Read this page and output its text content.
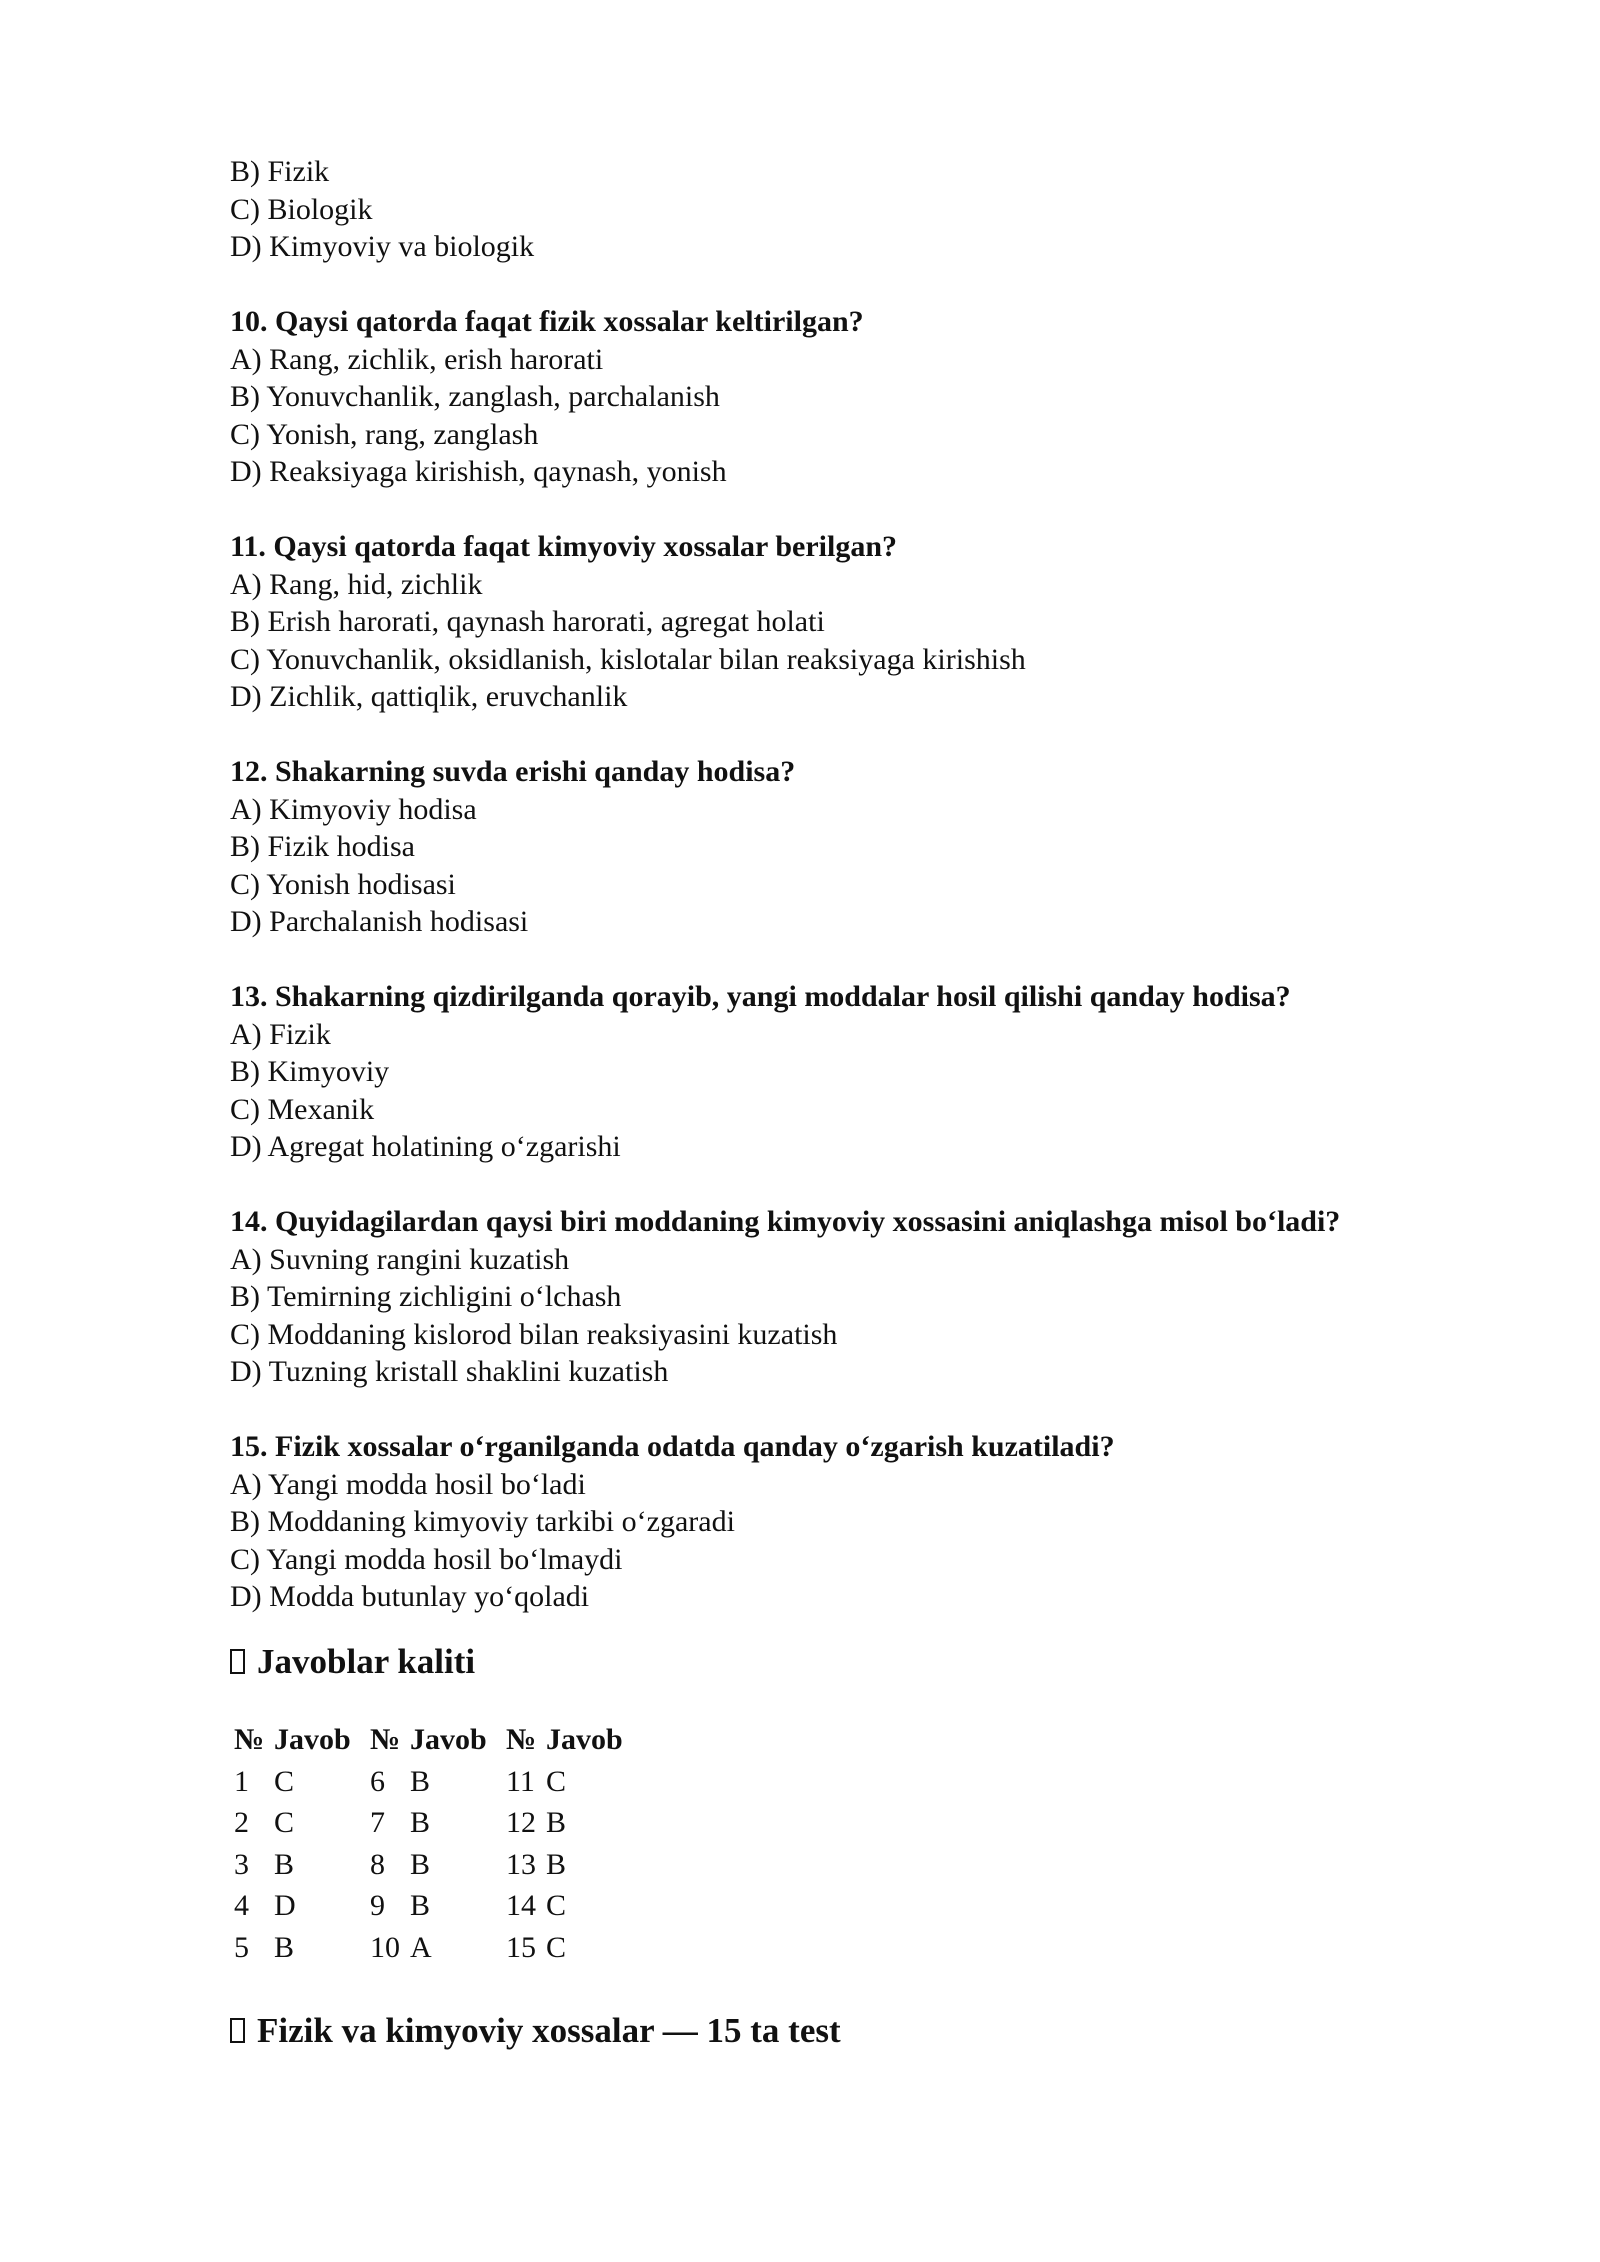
B) Fizik
C) Biologik
D) Kimyoviy va biologik
10. Qaysi qatorda faqat fizik xossalar keltirilgan?
A) Rang, zichlik, erish harorati
B) Yonuvchanlik, zanglash, parchalanish
C) Yonish, rang, zanglash
D) Reaksiyaga kirishish, qaynash, yonish
11. Qaysi qatorda faqat kimyoviy xossalar berilgan?
A) Rang, hid, zichlik
B) Erish harorati, qaynash harorati, agregat holati
C) Yonuvchanlik, oksidlanish, kislotalar bilan reaksiyaga kirishish
D) Zichlik, qattiqlik, eruvchanlik
12. Shakarning suvda erishi qanday hodisa?
A) Kimyoviy hodisa
B) Fizik hodisa
C) Yonish hodisasi
D) Parchalanish hodisasi
13. Shakarning qizdirilganda qorayib, yangi moddalar hosil qilishi qanday hodisa?
A) Fizik
B) Kimyoviy
C) Mexanik
D) Agregat holatining o‘zgarishi
14. Quyidagilardan qaysi biri moddaning kimyoviy xossasini aniqlashga misol bo‘ladi?
A) Suvning rangini kuzatish
B) Temirning zichligini o‘lchash
C) Moddaning kislorod bilan reaksiyasini kuzatish
D) Tuzning kristall shaklini kuzatish
15. Fizik xossalar o‘rganilganda odatda qanday o‘zgarish kuzatiladi?
A) Yangi modda hosil bo‘ladi
B) Moddaning kimyoviy tarkibi o‘zgaradi
C) Yangi modda hosil bo‘lmaydi
D) Modda butunlay yo‘qoladi
Javoblar kaliti
№	Javob	№	Javob	№	Javob
1	C	6	B	11	C
2	C	7	B	12	B
3	B	8	B	13	B
4	D	9	B	14	C
5	B	10	A	15	C
Fizik va kimyoviy xossalar — 15 ta test
